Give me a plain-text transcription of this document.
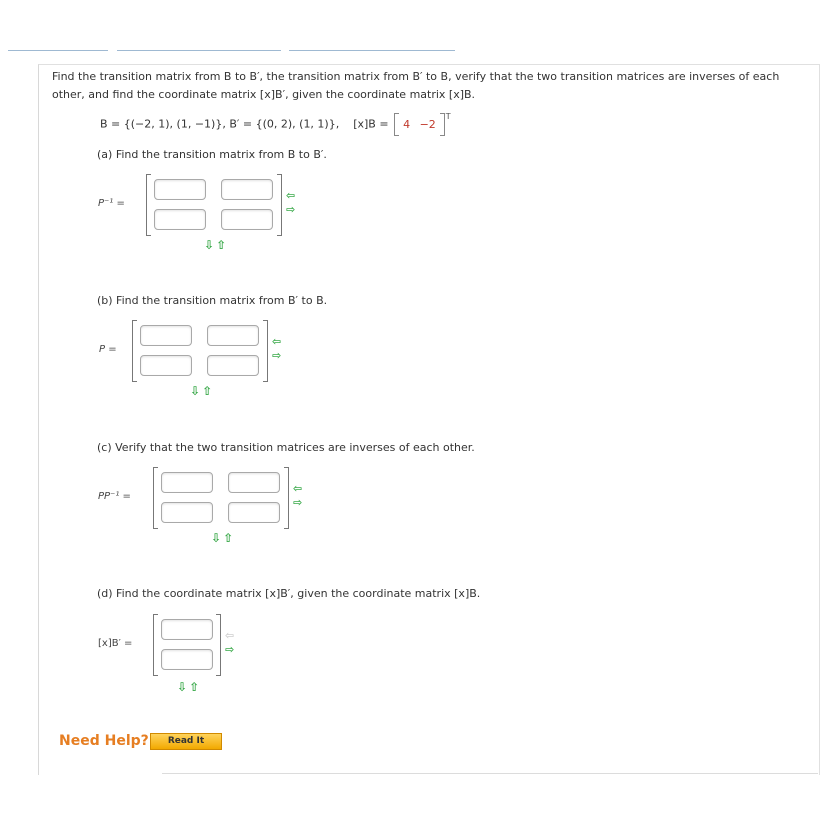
Find the transition matrix from B to B′, the transition matrix from B′ to B, verify that the two transition matrices are inverses of each other, and find the coordinate matrix [x]B′, given the coordinate matrix [x]B.
B = {(−2, 1), (1, −1)}, B′ = {(0, 2), (1, 1)}, [x]B = 4 −2
$^T$
(a) Find the transition matrix from B to B′.
P⁻¹ =
⇦
⇨
⇩ ⇧
(b) Find the transition matrix from B′ to B.
P =
⇦
⇨
⇩ ⇧
(c) Verify that the two transition matrices are inverses of each other.
PP⁻¹ =
⇦
⇨
⇩ ⇧
(d) Find the coordinate matrix [x]B′, given the coordinate matrix [x]B.
[x]B′ =
⇦
⇨
⇩ ⇧
Need Help?	Read It
